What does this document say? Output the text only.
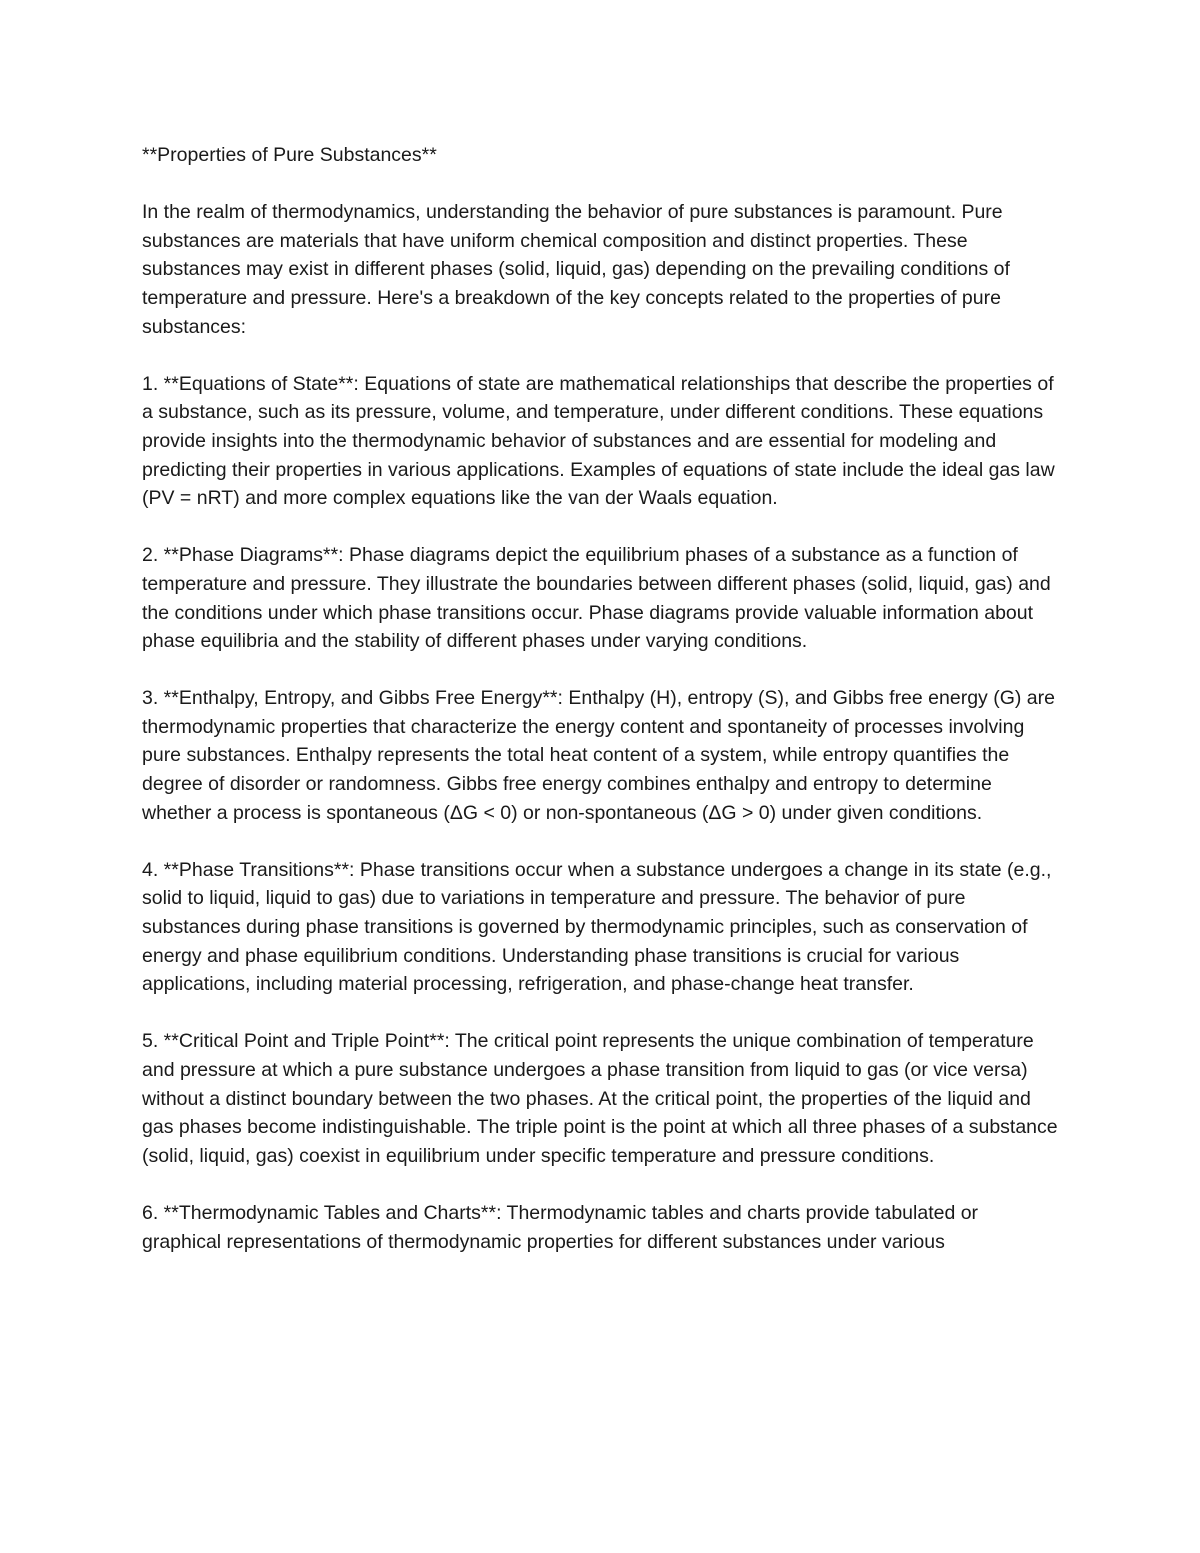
**Properties of Pure Substances**

In the realm of thermodynamics, understanding the behavior of pure substances is paramount. Pure substances are materials that have uniform chemical composition and distinct properties. These substances may exist in different phases (solid, liquid, gas) depending on the prevailing conditions of temperature and pressure. Here's a breakdown of the key concepts related to the properties of pure substances:

1. **Equations of State**: Equations of state are mathematical relationships that describe the properties of a substance, such as its pressure, volume, and temperature, under different conditions. These equations provide insights into the thermodynamic behavior of substances and are essential for modeling and predicting their properties in various applications. Examples of equations of state include the ideal gas law (PV = nRT) and more complex equations like the van der Waals equation.

2. **Phase Diagrams**: Phase diagrams depict the equilibrium phases of a substance as a function of temperature and pressure. They illustrate the boundaries between different phases (solid, liquid, gas) and the conditions under which phase transitions occur. Phase diagrams provide valuable information about phase equilibria and the stability of different phases under varying conditions.

3. **Enthalpy, Entropy, and Gibbs Free Energy**: Enthalpy (H), entropy (S), and Gibbs free energy (G) are thermodynamic properties that characterize the energy content and spontaneity of processes involving pure substances. Enthalpy represents the total heat content of a system, while entropy quantifies the degree of disorder or randomness. Gibbs free energy combines enthalpy and entropy to determine whether a process is spontaneous (ΔG < 0) or non-spontaneous (ΔG > 0) under given conditions.

4. **Phase Transitions**: Phase transitions occur when a substance undergoes a change in its state (e.g., solid to liquid, liquid to gas) due to variations in temperature and pressure. The behavior of pure substances during phase transitions is governed by thermodynamic principles, such as conservation of energy and phase equilibrium conditions. Understanding phase transitions is crucial for various applications, including material processing, refrigeration, and phase-change heat transfer.

5. **Critical Point and Triple Point**: The critical point represents the unique combination of temperature and pressure at which a pure substance undergoes a phase transition from liquid to gas (or vice versa) without a distinct boundary between the two phases. At the critical point, the properties of the liquid and gas phases become indistinguishable. The triple point is the point at which all three phases of a substance (solid, liquid, gas) coexist in equilibrium under specific temperature and pressure conditions.

6. **Thermodynamic Tables and Charts**: Thermodynamic tables and charts provide tabulated or graphical representations of thermodynamic properties for different substances under various
